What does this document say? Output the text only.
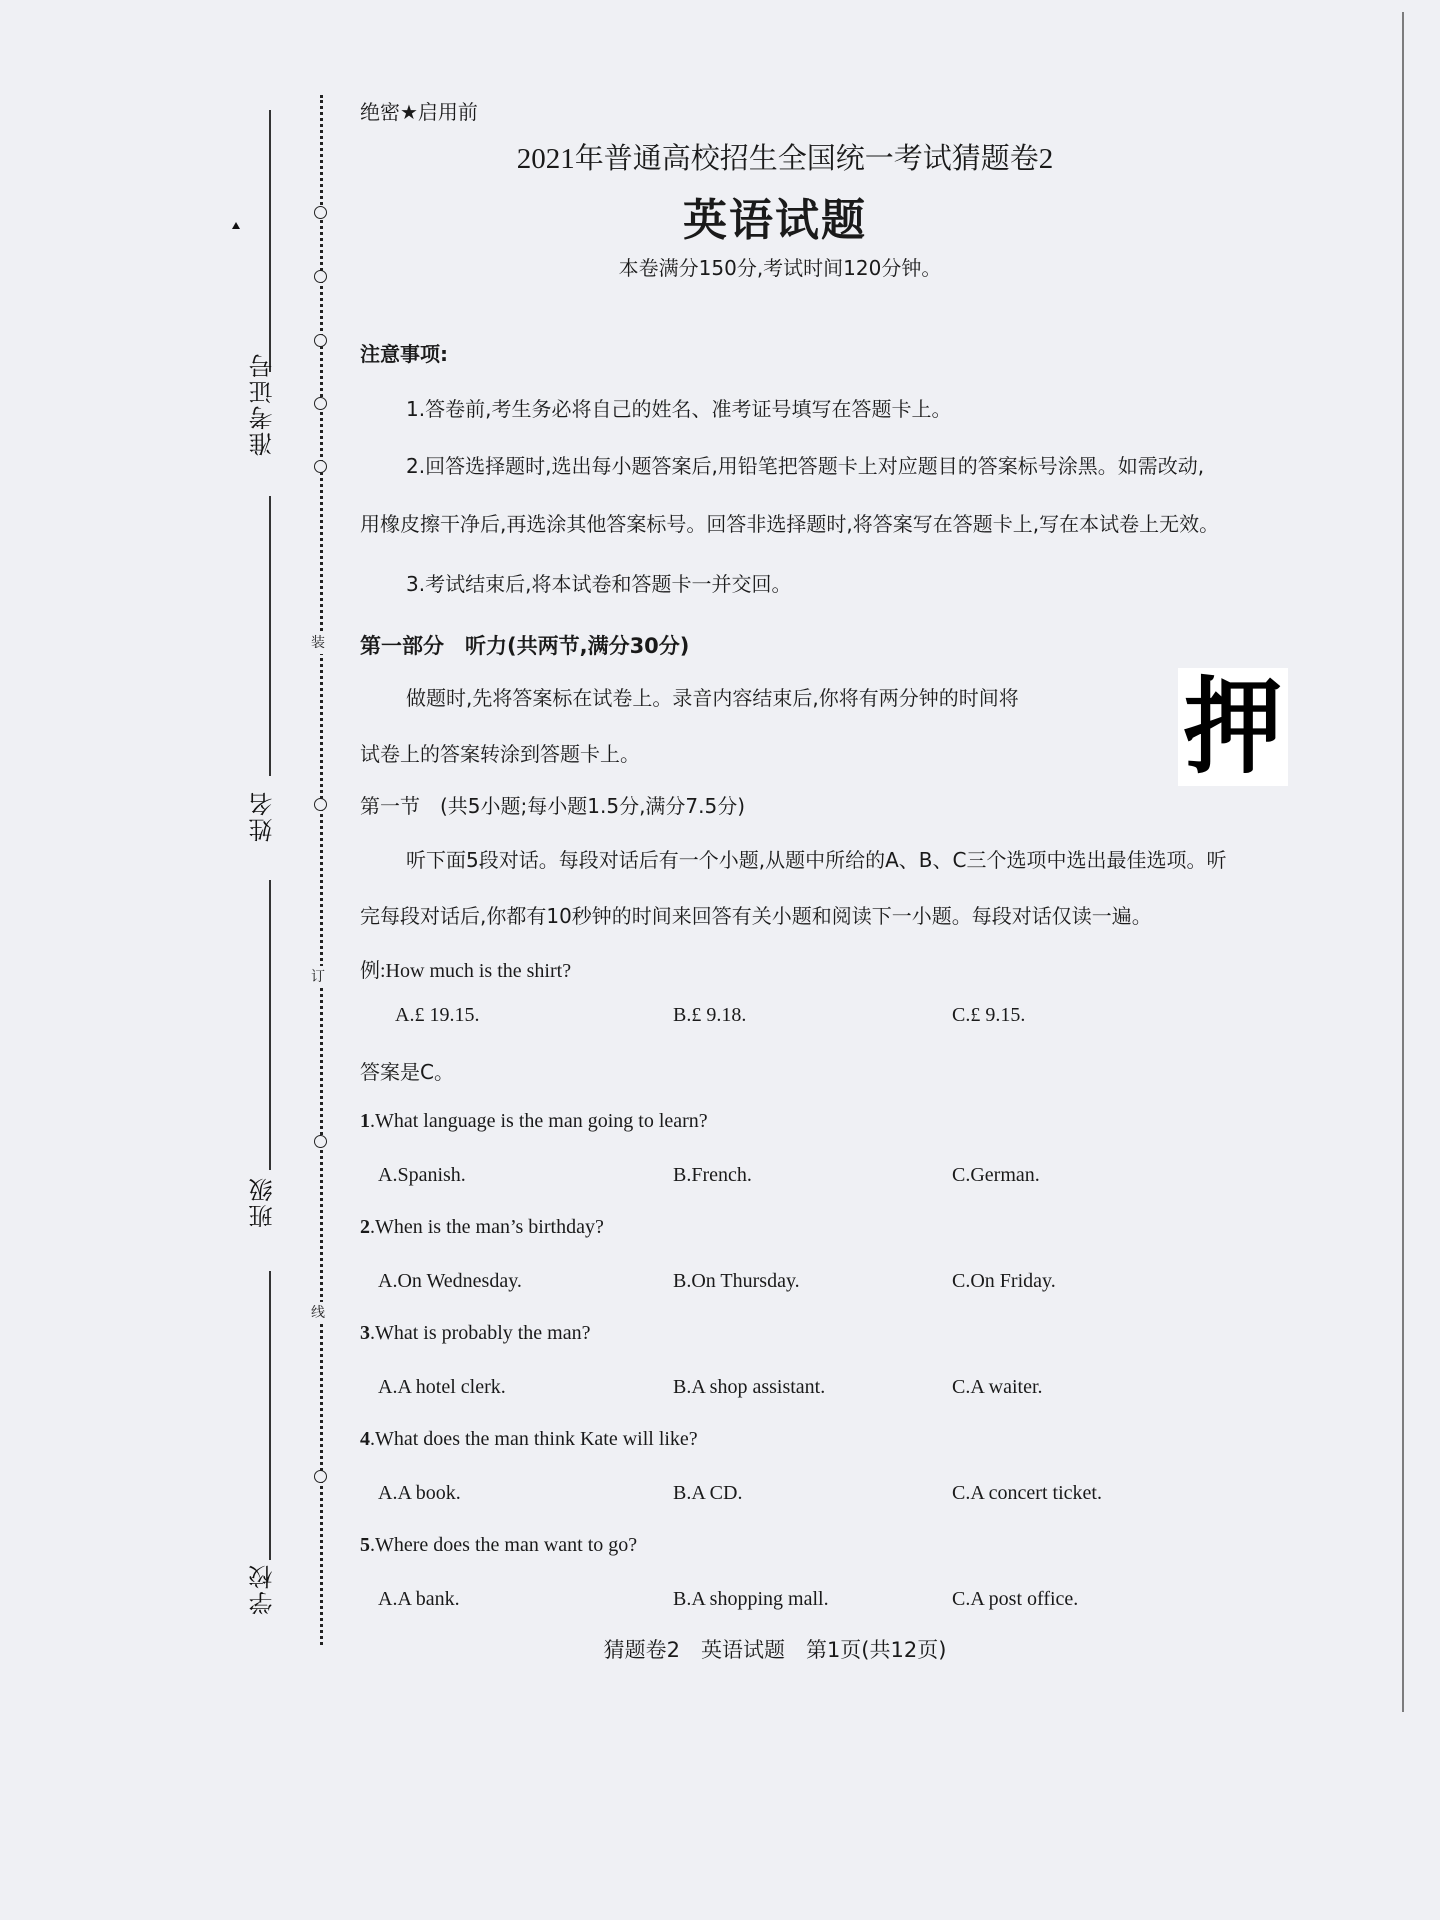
准考证号
姓名
班级
学校
装
订
线
绝密★启用前
2021年普通高校招生全国统一考试猜题卷2
英语试题
本卷满分150分,考试时间120分钟。
注意事项:
1.答卷前,考生务必将自己的姓名、准考证号填写在答题卡上。
2.回答选择题时,选出每小题答案后,用铅笔把答题卡上对应题目的答案标号涂黑。如需改动,
用橡皮擦干净后,再选涂其他答案标号。回答非选择题时,将答案写在答题卡上,写在本试卷上无效。
3.考试结束后,将本试卷和答题卡一并交回。
第一部分　听力(共两节,满分30分)
做题时,先将答案标在试卷上。录音内容结束后,你将有两分钟的时间将
试卷上的答案转涂到答题卡上。	押
第一节　(共5小题;每小题1.5分,满分7.5分)
听下面5段对话。每段对话后有一个小题,从题中所给的A、B、C三个选项中选出最佳选项。听
完每段对话后,你都有10秒钟的时间来回答有关小题和阅读下一小题。每段对话仅读一遍。
例:How much is the shirt?
A.£ 19.15.	B.£ 9.18.	C.£ 9.15.
答案是C。
1.What language is the man going to learn?
A.Spanish.	B.French.	C.German.
2.When is the man’s birthday?
A.On Wednesday.	B.On Thursday.	C.On Friday.
3.What is probably the man?
A.A hotel clerk.	B.A shop assistant.	C.A waiter.
4.What does the man think Kate will like?
A.A book.	B.A CD.	C.A concert ticket.
5.Where does the man want to go?
A.A bank.	B.A shopping mall.	C.A post office.
猜题卷2　英语试题　第1页(共12页)
